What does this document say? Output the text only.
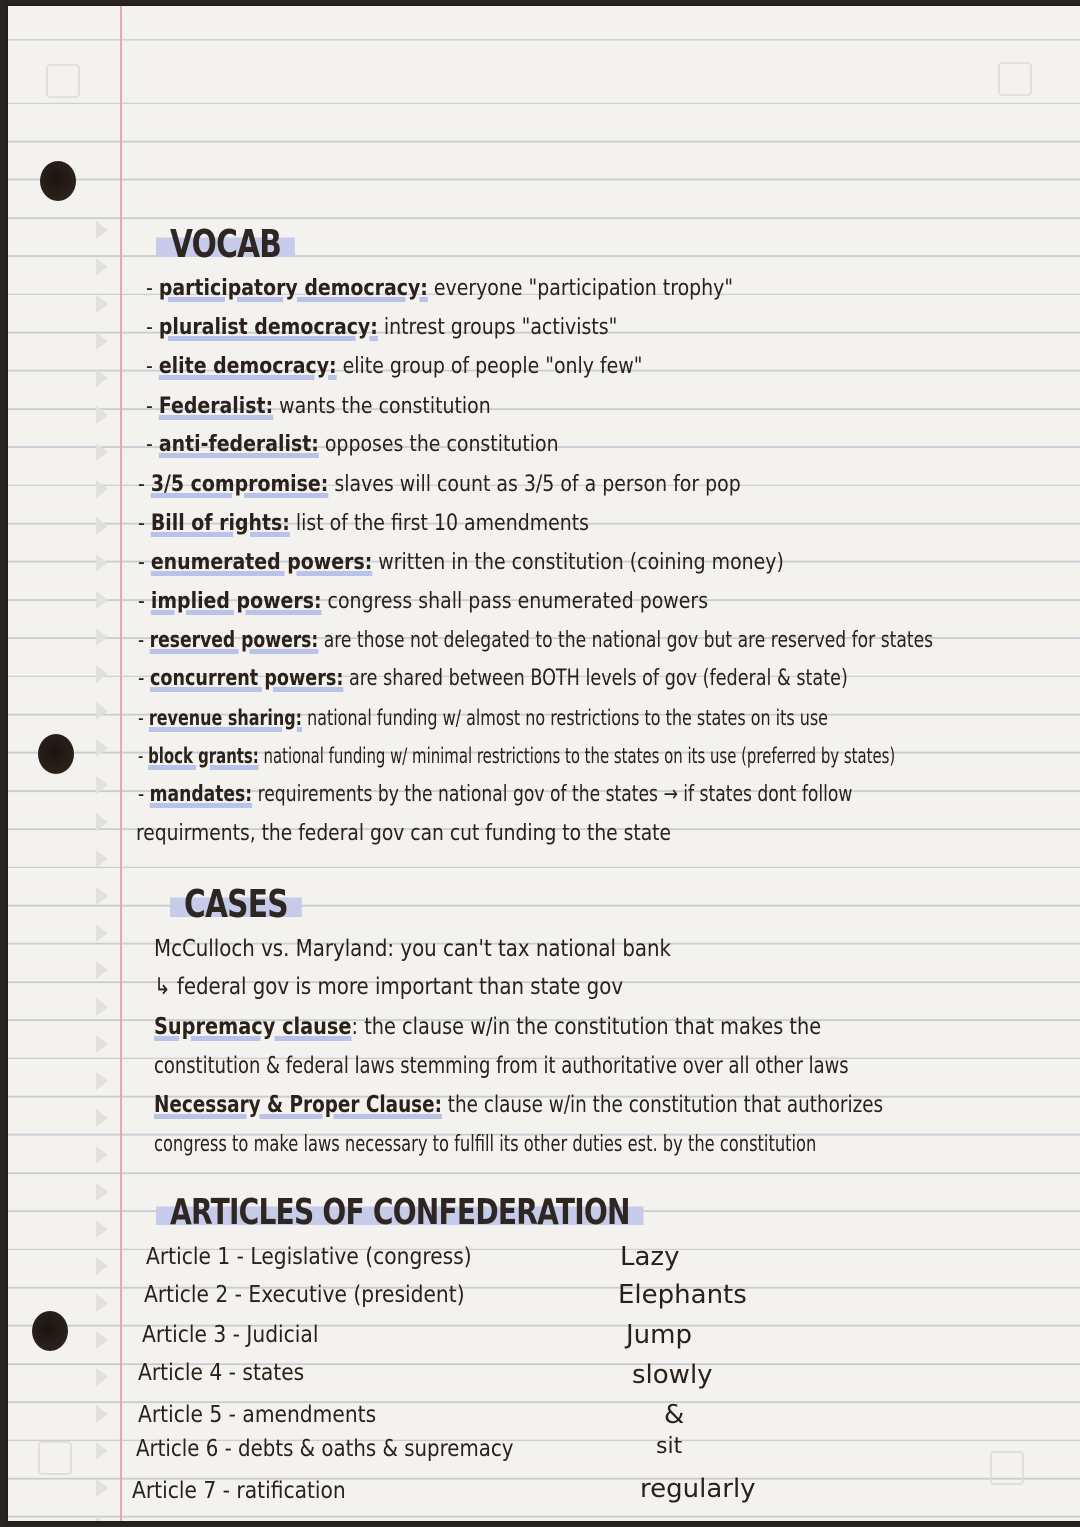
VOCAB
- participatory democracy: everyone "participation trophy"
- pluralist democracy: intrest groups "activists"
- elite democracy: elite group of people "only few"
- Federalist: wants the constitution
- anti-federalist: opposes the constitution
- 3/5 compromise: slaves will count as 3/5 of a person for pop
- Bill of rights: list of the first 10 amendments
- enumerated powers: written in the constitution (coining money)
- implied powers: congress shall pass enumerated powers
- reserved powers: are those not delegated to the national gov but are reserved for states
- concurrent powers: are shared between BOTH levels of gov (federal & state)
- revenue sharing: national funding w/ almost no restrictions to the states on its use
- block grants: national funding w/ minimal restrictions to the states on its use (preferred by states)
- mandates: requirements by the national gov of the states → if states dont follow
requirments, the federal gov can cut funding to the state
CASES
McCulloch vs. Maryland: you can't tax national bank
↳ federal gov is more important than state gov
Supremacy clause: the clause w/in the constitution that makes the
constitution & federal laws stemming from it authoritative over all other laws
Necessary & Proper Clause: the clause w/in the constitution that authorizes
congress to make laws necessary to fulfill its other duties est. by the constitution
ARTICLES OF CONFEDERATION
Article 1 - Legislative (congress)
Article 2 - Executive (president)
Article 3 - Judicial
Article 4 - states
Article 5 - amendments
Article 6 - debts & oaths & supremacy
Article 7 - ratification
Lazy
Elephants
Jump
slowly
&
sit
regularly
